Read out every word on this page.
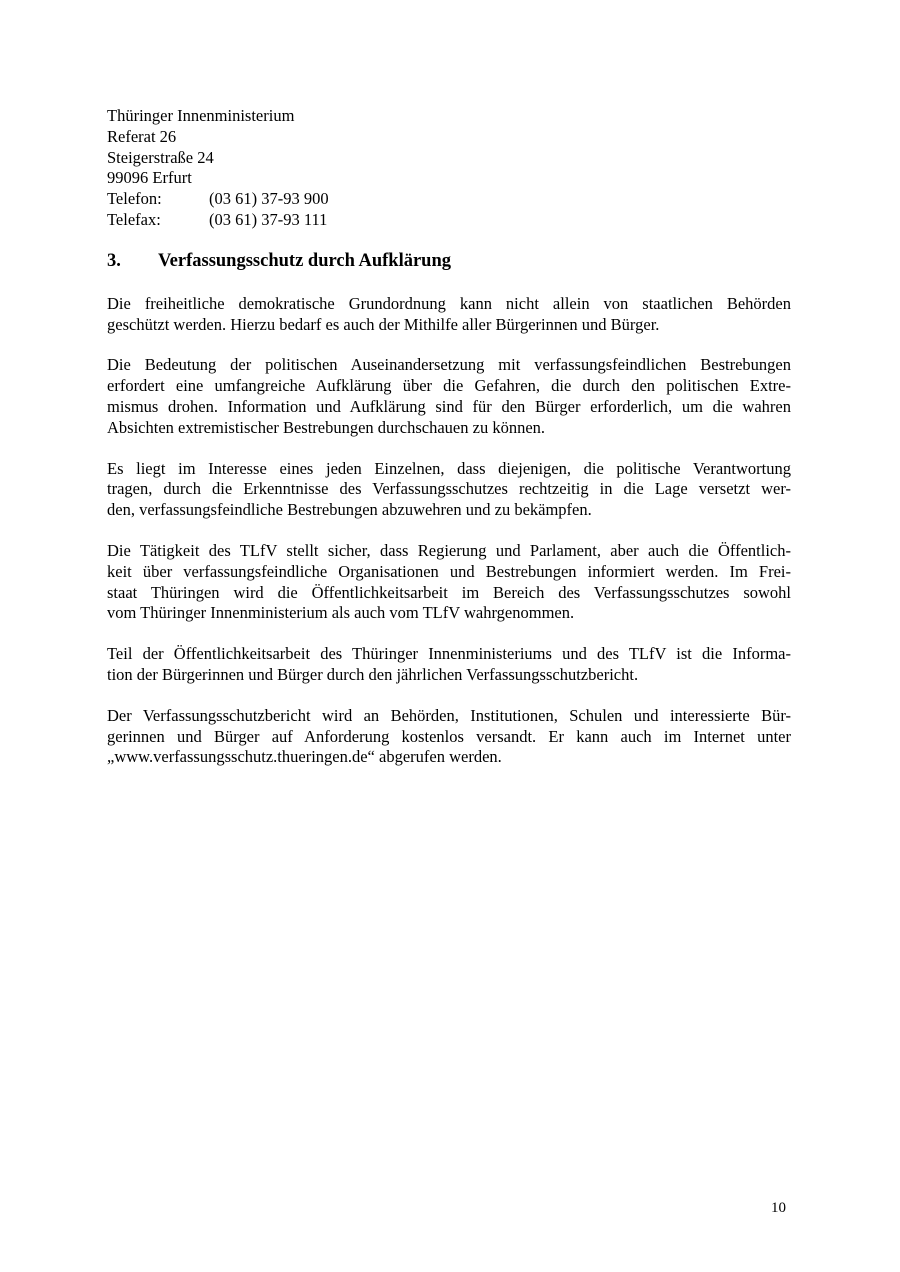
Thüringer Innenministerium
Referat 26
Steigerstraße 24
99096 Erfurt
Telefon:	(03 61) 37-93 900
Telefax:	(03 61) 37-93 111
3.	Verfassungsschutz durch Aufklärung
Die freiheitliche demokratische Grundordnung kann nicht allein von staatlichen Behörden
geschützt werden. Hierzu bedarf es auch der Mithilfe aller Bürgerinnen und Bürger.
Die Bedeutung der politischen Auseinandersetzung mit verfassungsfeindlichen Bestrebungen
erfordert eine umfangreiche Aufklärung über die Gefahren, die durch den politischen Extre-
mismus drohen. Information und Aufklärung sind für den Bürger erforderlich, um die wahren
Absichten extremistischer Bestrebungen durchschauen zu können.
Es liegt im Interesse eines jeden Einzelnen, dass diejenigen, die politische Verantwortung
tragen, durch die Erkenntnisse des Verfassungsschutzes rechtzeitig in die Lage versetzt wer-
den, verfassungsfeindliche Bestrebungen abzuwehren und zu bekämpfen.
Die Tätigkeit des TLfV stellt sicher, dass Regierung und Parlament, aber auch die Öffentlich-
keit über verfassungsfeindliche Organisationen und Bestrebungen informiert werden. Im Frei-
staat Thüringen wird die Öffentlichkeitsarbeit im Bereich des Verfassungsschutzes sowohl
vom Thüringer Innenministerium als auch vom TLfV wahrgenommen.
Teil der Öffentlichkeitsarbeit des Thüringer Innenministeriums und des TLfV ist die Informa-
tion der Bürgerinnen und Bürger durch den jährlichen Verfassungsschutzbericht.
Der Verfassungsschutzbericht wird an Behörden, Institutionen, Schulen und interessierte Bür-
gerinnen und Bürger auf Anforderung kostenlos versandt. Er kann auch im Internet unter
„www.verfassungsschutz.thueringen.de“ abgerufen werden.
10
